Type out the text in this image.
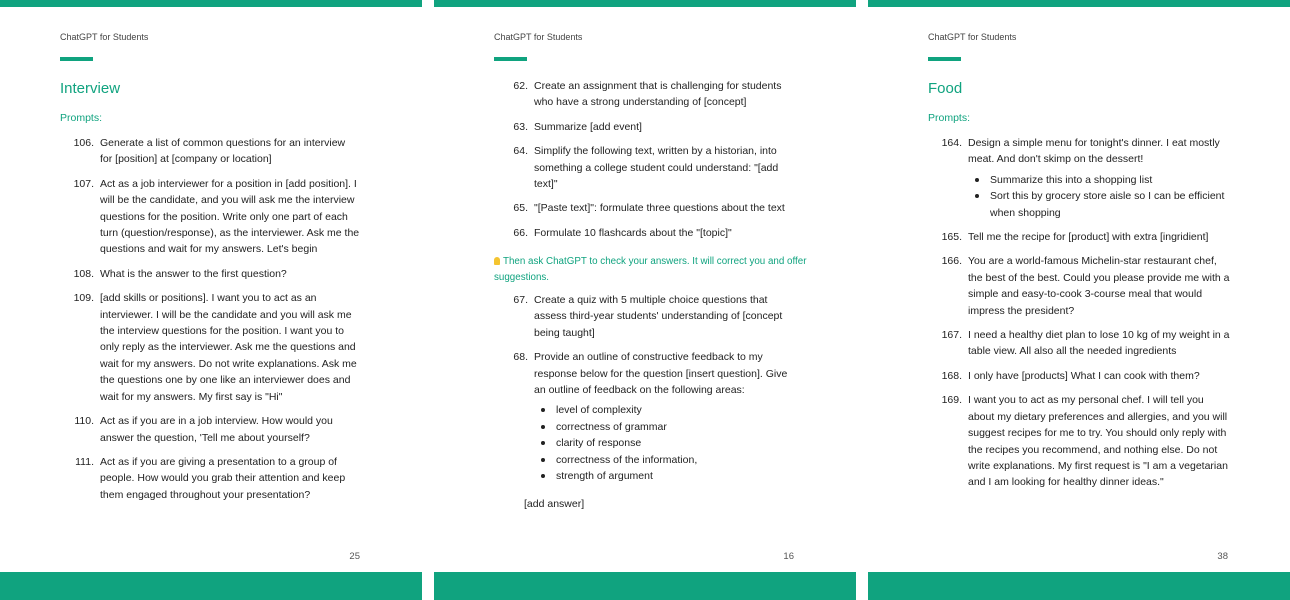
ChatGPT for Students
Interview
Prompts:
106. Generate a list of common questions for an interview for [position] at [company or location]
107. Act as a job interviewer for a position in [add position]. I will be the candidate, and you will ask me the interview questions for the position. Write only one part of each turn (question/response), as the interviewer. Ask me the questions and wait for my answers. Let's begin
108. What is the answer to the first question?
109. [add skills or positions]. I want you to act as an interviewer. I will be the candidate and you will ask me the interview questions for the position. I want you to only reply as the interviewer. Ask me the questions and wait for my answers. Do not write explanations. Ask me the questions one by one like an interviewer does and wait for my answers. My first say is "Hi"
110. Act as if you are in a job interview. How would you answer the question, 'Tell me about yourself?
111. Act as if you are giving a presentation to a group of people. How would you grab their attention and keep them engaged throughout your presentation?
25
ChatGPT for Students
62. Create an assignment that is challenging for students who have a strong understanding of [concept]
63. Summarize [add event]
64. Simplify the following text, written by a historian, into something a college student could understand: "[add text]"
65. "[Paste text]": formulate three questions about the text
66. Formulate 10 flashcards about the "[topic]"
Then ask ChatGPT to check your answers. It will correct you and offer suggestions.
67. Create a quiz with 5 multiple choice questions that assess third-year students' understanding of [concept being taught]
68. Provide an outline of constructive feedback to my response below for the question [insert question]. Give an outline of feedback on the following areas:
level of complexity
correctness of grammar
clarity of response
correctness of the information,
strength of argument
[add answer]
16
ChatGPT for Students
Food
Prompts:
164. Design a simple menu for tonight's dinner. I eat mostly meat. And don't skimp on the dessert!
Summarize this into a shopping list
Sort this by grocery store aisle so I can be efficient when shopping
165. Tell me the recipe for [product] with extra [ingridient]
166. You are a world-famous Michelin-star restaurant chef, the best of the best. Could you please provide me with a simple and easy-to-cook 3-course meal that would impress the president?
167. I need a healthy diet plan to lose 10 kg of my weight in a table view. All also all the needed ingredients
168. I only have [products] What I can cook with them?
169. I want you to act as my personal chef. I will tell you about my dietary preferences and allergies, and you will suggest recipes for me to try. You should only reply with the recipes you recommend, and nothing else. Do not write explanations. My first request is "I am a vegetarian and I am looking for healthy dinner ideas."
38
